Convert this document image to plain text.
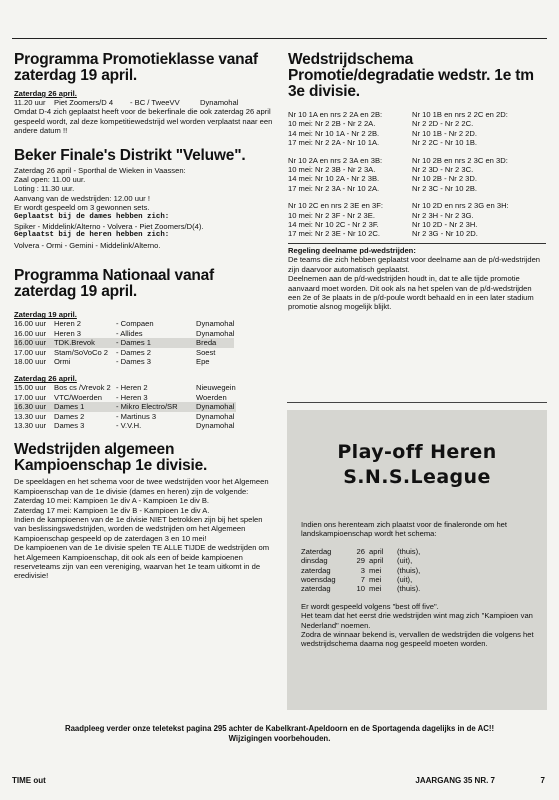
Programma Promotieklasse vanaf zaterdag 19 april.
Zaterdag 26 april.
11.20 uur	Piet Zoomers/D 4	- BC / TweeVV	Dynamohal

Omdat D-4 zich geplaatst heeft voor de bekerfinale die ook zaterdag 26 april gespeeld wordt, zal deze kompetitiewedstrijd wel worden verplaatst naar een andere datum !!

Beker Finale's Distrikt "Veluwe".

Zaterdag 26 april - Sporthal de Wieken in Vaassen:

Zaal open: 11.00 uur.

Loting : 11.30 uur.

Aanvang van de wedstrijden: 12.00 uur !

Er wordt gespeeld om 3 gewonnen sets.

Geplaatst bij de dames hebben zich:

Spiker - Middelink/Alterno - Volvera - Piet Zoomers/D(4).

Geplaatst bij de heren hebben zich:

Volvera - Ormi - Gemini - Middelink/Alterno.

Programma Nationaal vanaf zaterdag 19 april.
Zaterdag 19 april.
16.00 uur	Heren 2	- Compaen	Dynamohal
16.00 uur	Heren 3	- Allides	Dynamohal
16.00 uur	TDK.Brevok	- Dames 1	Breda
17.00 uur	Stam/SoVoCo 2	- Dames 2	Soest
18.00 uur	Ormi	- Dames 3	Epe
Zaterdag 26 april.
15.00 uur	Bos cs /Vrevok 2	- Heren 2	Nieuwegein
17.00 uur	VTC/Woerden	- Heren 3	Woerden
16.30 uur	Dames 1	- Mikro Electro/SR	Dynamohal
13.30 uur	Dames 2	- Martinus 3	Dynamohal
13.30 uur	Dames 3	- V.V.H.	Dynamohal
Wedstrijden algemeen Kampioenschap 1e divisie.

De speeldagen en het schema voor de twee wedstrijden voor het Algemeen Kampioenschap van de 1e divisie (dames en heren) zijn de volgende:

Zaterdag 10 mei: Kampioen 1e div A - Kampioen 1e div B.

Zaterdag 17 mei: Kampioen 1e div B - Kampioen 1e div A.

Indien de kampioenen van de 1e divisie NIET betrokken zijn bij het spelen van beslissingswedstrijden, worden de wedstrijden om het Algemeen Kampioenschap gespeeld op de zaterdagen 3 en 10 mei!

De kampioenen van de 1e divisie spelen TE ALLE TIJDE de wedstrijden om het Algemeen Kampioenschap, dit ook als een of beide kampioenen reserveteams zijn van een vereniging, waarvan het 1e team uitkomt in de eredivisie!

Wedstrijdschema Promotie/degradatie wedstr. 1e tm 3e divisie.
Nr 10 1A en nrs 2 2A en 2B:	Nr 10 1B en nrs 2 2C en 2D:
10 mei: Nr 2 2B - Nr 2 2A.	Nr 2 2D - Nr 2 2C.
14 mei: Nr 10 1A - Nr 2 2B.	Nr 10 1B - Nr 2 2D.
17 mei: Nr 2 2A - Nr 10 1A.	Nr 2 2C - Nr 10 1B.
Nr 10 2A en nrs 2 3A en 3B:	Nr 10 2B en nrs 2 3C en 3D:
10 mei: Nr 2 3B - Nr 2 3A.	Nr 2 3D - Nr 2 3C.
14 mei: Nr 10 2A - Nr 2 3B.	Nr 10 2B - Nr 2 3D.
17 mei: Nr 2 3A - Nr 10 2A.	Nr 2 3C - Nr 10 2B.
Nr 10 2C en nrs 2 3E en 3F:	Nr 10 2D en nrs 2 3G en 3H:
10 mei: Nr 2 3F - Nr 2 3E.	Nr 2 3H - Nr 2 3G.
14 mei: Nr 10 2C - Nr 2 3F.	Nr 10 2D - Nr 2 3H.
17 mei: Nr 2 3E - Nr 10 2C.	Nr 2 3G - Nr 10 2D.

Regeling deelname pd-wedstrijden:

De teams die zich hebben geplaatst voor deelname aan de p/d-wedstrijden zijn daarvoor automatisch geplaatst.

Deelnemen aan de p/d-wedstrijden houdt in, dat te alle tijde promotie aanvaard moet worden. Dit ook als na het spelen van de p/d-wedstrijden een 2e of 3e plaats in de p/d-poule wordt behaald en in een later stadium promotie alsnog mogelijk blijkt.

Play-off Heren
S.N.S.League

Indien ons herenteam zich plaatst voor de finaleronde om het landskampioenschap wordt het schema:

Zaterdag	26	april	(thuis),
dinsdag	29	april	(uit),
zaterdag	3	mei	(thuis),
woensdag	7	mei	(uit),
zaterdag	10	mei	(thuis).

Er wordt gespeeld volgens "best off five".

Het team dat het eerst drie wedstrijden wint mag zich "Kampioen van Nederland" noemen.

Zodra de winnaar bekend is, vervallen de wedstrijden die volgens het wedstrijdschema daarna nog gespeeld moeten worden.

Raadpleeg verder onze teletekst pagina 295 achter de Kabelkrant-Apeldoorn en de Sportagenda dagelijks in de AC!!
Wijzigingen voorbehouden.
TIME out	JAARGANG 35 NR. 7	7
